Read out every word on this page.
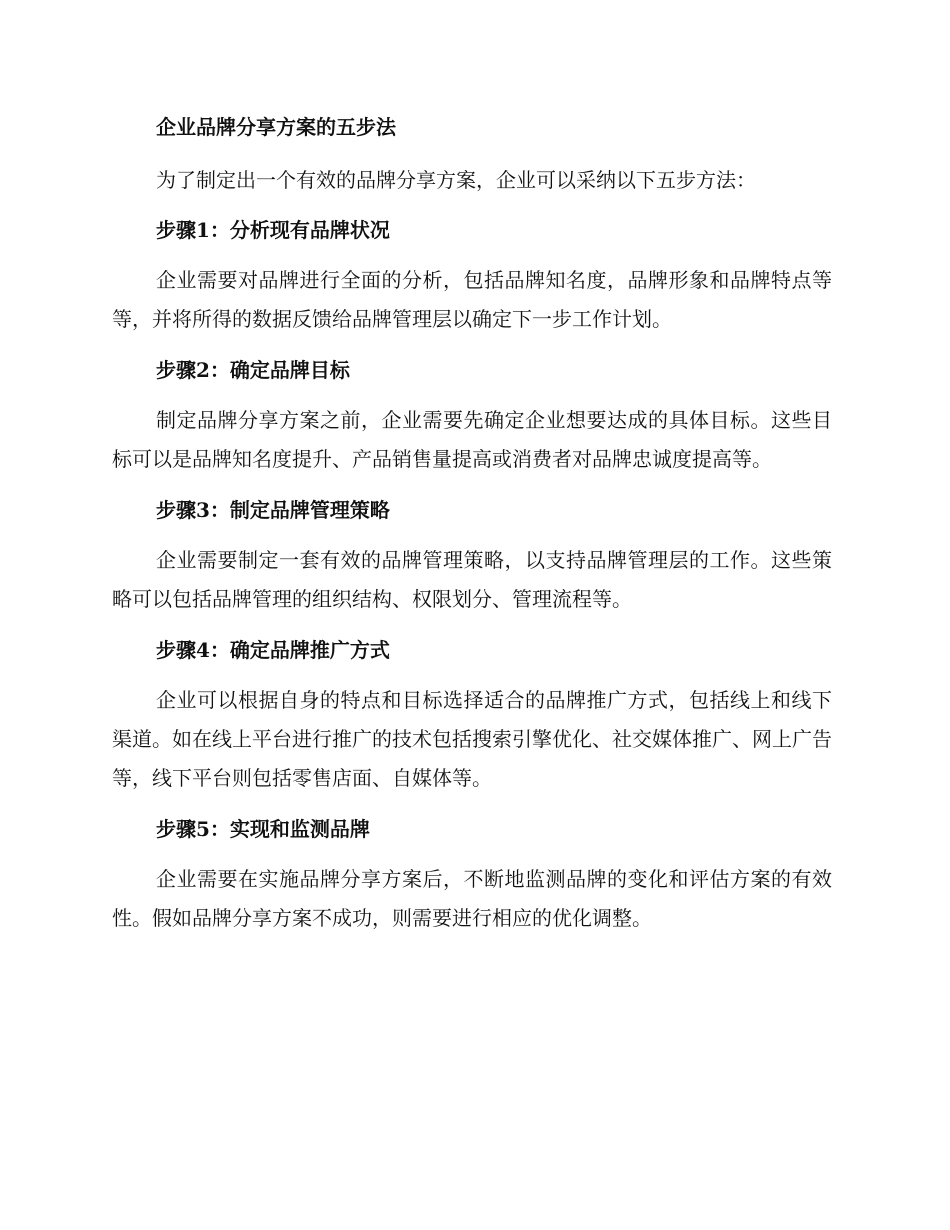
企业品牌分享方案的五步法

为了制定出一个有效的品牌分享方案，企业可以采纳以下五步方法：

步骤1：分析现有品牌状况

企业需要对品牌进行全面的分析，包括品牌知名度，品牌形象和品牌特点等等，并将所得的数据反馈给品牌管理层以确定下一步工作计划。

步骤2：确定品牌目标

制定品牌分享方案之前，企业需要先确定企业想要达成的具体目标。这些目标可以是品牌知名度提升、产品销售量提高或消费者对品牌忠诚度提高等。

步骤3：制定品牌管理策略

企业需要制定一套有效的品牌管理策略，以支持品牌管理层的工作。这些策略可以包括品牌管理的组织结构、权限划分、管理流程等。

步骤4：确定品牌推广方式

企业可以根据自身的特点和目标选择适合的品牌推广方式，包括线上和线下渠道。如在线上平台进行推广的技术包括搜索引擎优化、社交媒体推广、网上广告等，线下平台则包括零售店面、自媒体等。

步骤5：实现和监测品牌

企业需要在实施品牌分享方案后，不断地监测品牌的变化和评估方案的有效性。假如品牌分享方案不成功，则需要进行相应的优化调整。
